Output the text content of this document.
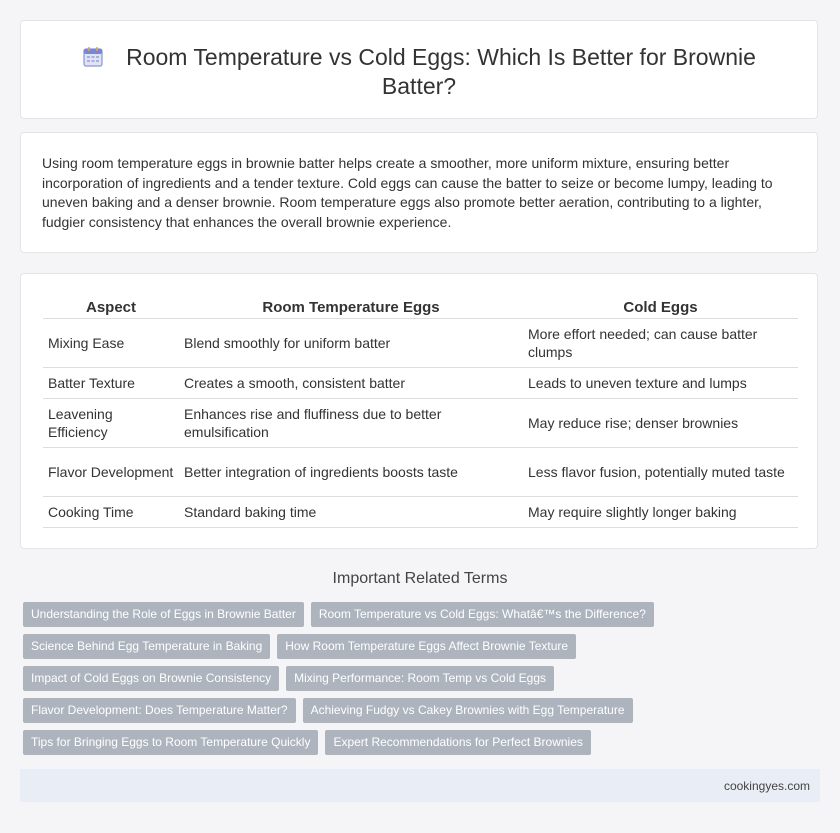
Room Temperature vs Cold Eggs: Which Is Better for Brownie Batter?
Using room temperature eggs in brownie batter helps create a smoother, more uniform mixture, ensuring better incorporation of ingredients and a tender texture. Cold eggs can cause the batter to seize or become lumpy, leading to uneven baking and a denser brownie. Room temperature eggs also promote better aeration, contributing to a lighter, fudgier consistency that enhances the overall brownie experience.
Aspect	Room Temperature Eggs	Cold Eggs
Mixing Ease	Blend smoothly for uniform batter	More effort needed; can cause batter clumps
Batter Texture	Creates a smooth, consistent batter	Leads to uneven texture and lumps
Leavening Efficiency	Enhances rise and fluffiness due to better emulsification	May reduce rise; denser brownies
Flavor Development	Better integration of ingredients boosts taste	Less flavor fusion, potentially muted taste
Cooking Time	Standard baking time	May require slightly longer baking
Important Related Terms
Understanding the Role of Eggs in Brownie Batter	Room Temperature vs Cold Eggs: Whatâ€™s the Difference?
Science Behind Egg Temperature in Baking	How Room Temperature Eggs Affect Brownie Texture
Impact of Cold Eggs on Brownie Consistency	Mixing Performance: Room Temp vs Cold Eggs
Flavor Development: Does Temperature Matter?	Achieving Fudgy vs Cakey Brownies with Egg Temperature
Tips for Bringing Eggs to Room Temperature Quickly	Expert Recommendations for Perfect Brownies
cookingyes.com
